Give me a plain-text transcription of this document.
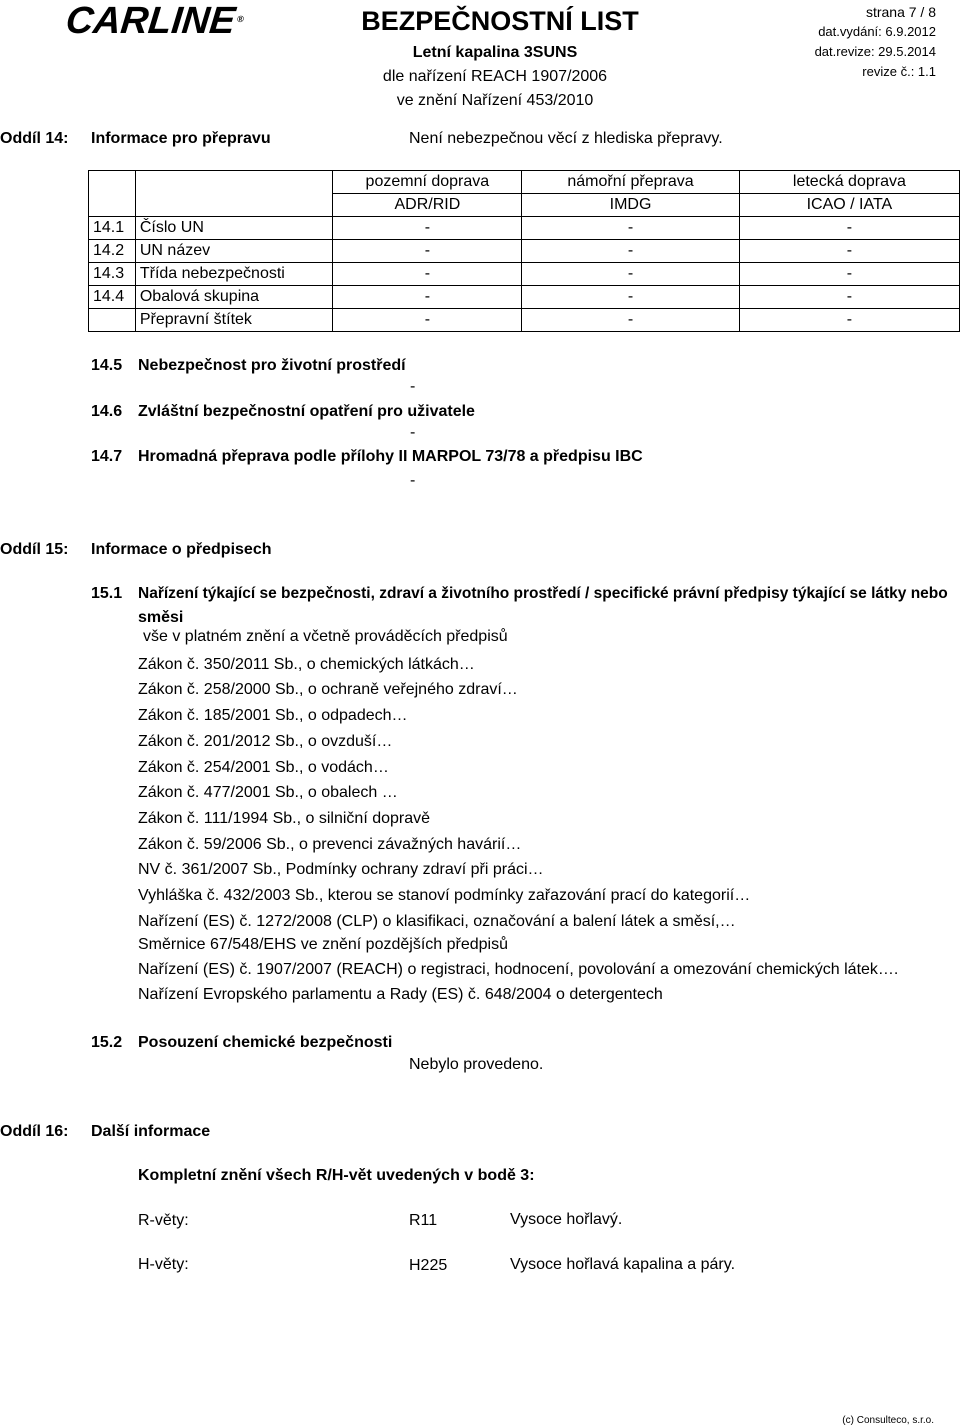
CARLINE®	BEZPEČNOSTNÍ LIST
Letní kapalina 3SUNS
dle nařízení REACH 1907/2006
ve znění Nařízení 453/2010
strana 7 / 8
dat.vydání: 6.9.2012
dat.revize: 29.5.2014
revize č.: 1.1
Oddíl 14: Informace pro přepravu	Není nebezpečnou věcí z hlediska přepravy.
		pozemní doprava	námořní přeprava	letecká doprava
		ADR/RID	IMDG	ICAO / IATA
14.1	Číslo UN	-	-	-
14.2	UN název	-	-	-
14.3	Třída nebezpečnosti	-	-	-
14.4	Obalová skupina	-	-	-
	Přepravní štítek	-	-	-
14.5 Nebezpečnost pro životní prostředí
-
14.6 Zvláštní bezpečnostní opatření pro uživatele
-
14.7 Hromadná přeprava podle přílohy II MARPOL 73/78 a předpisu IBC
-
Oddíl 15: Informace o předpisech
15.1 Nařízení týkající se bezpečnosti, zdraví a životního prostředí / specifické právní předpisy týkající se látky nebo
směsi
vše v platném znění a včetně prováděcích předpisů
Zákon č. 350/2011 Sb., o chemických látkách…
Zákon č. 258/2000 Sb., o ochraně veřejného zdraví…
Zákon č. 185/2001 Sb., o odpadech…
Zákon č. 201/2012 Sb., o ovzduší…
Zákon č. 254/2001 Sb., o vodách…
Zákon č. 477/2001 Sb., o obalech …
Zákon č. 111/1994 Sb., o silniční dopravě
Zákon č. 59/2006 Sb., o prevenci závažných havárií…
NV č. 361/2007 Sb., Podmínky ochrany zdraví při práci…
Vyhláška č. 432/2003 Sb., kterou se stanoví podmínky zařazování prací do kategorií…
Nařízení (ES) č. 1272/2008 (CLP) o klasifikaci, označování a balení látek a směsí,…
Směrnice 67/548/EHS ve znění pozdějších předpisů
Nařízení (ES) č. 1907/2007 (REACH) o registraci, hodnocení, povolování a omezování chemických látek….
Nařízení Evropského parlamentu a Rady (ES) č. 648/2004 o detergentech
15.2 Posouzení chemické bezpečnosti
Nebylo provedeno.
Oddíl 16: Další informace
Kompletní znění všech R/H-vět uvedených v bodě 3:
R-věty:	R11	Vysoce hořlavý.
H-věty:	H225	Vysoce hořlavá kapalina a páry.
(c) Consulteco, s.r.o.
